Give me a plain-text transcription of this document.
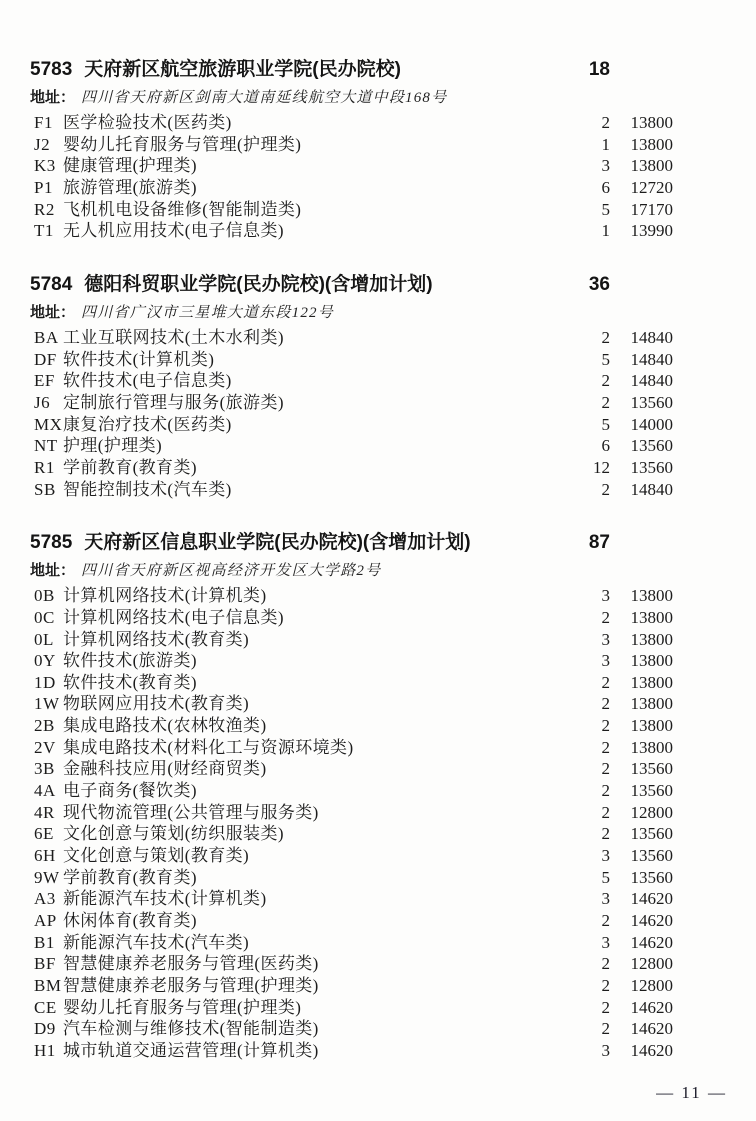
5783 天府新区航空旅游职业学院(民办院校)	18
地址： 四川省天府新区剑南大道南延线航空大道中段168号
F1 医学检验技术(医药类)	2	13800
J2 婴幼儿托育服务与管理(护理类)	1	13800
K3 健康管理(护理类)	3	13800
P1 旅游管理(旅游类)	6	12720
R2 飞机机电设备维修(智能制造类)	5	17170
T1 无人机应用技术(电子信息类)	1	13990
5784 德阳科贸职业学院(民办院校)(含增加计划)	36
地址： 四川省广汉市三星堆大道东段122号
BA 工业互联网技术(土木水利类)	2	14840
DF 软件技术(计算机类)	5	14840
EF 软件技术(电子信息类)	2	14840
J6 定制旅行管理与服务(旅游类)	2	13560
MX 康复治疗技术(医药类)	5	14000
NT 护理(护理类)	6	13560
R1 学前教育(教育类)	12	13560
SB 智能控制技术(汽车类)	2	14840
5785 天府新区信息职业学院(民办院校)(含增加计划)	87
地址： 四川省天府新区视高经济开发区大学路2号
0B 计算机网络技术(计算机类)	3	13800
0C 计算机网络技术(电子信息类)	2	13800
0L 计算机网络技术(教育类)	3	13800
0Y 软件技术(旅游类)	3	13800
1D 软件技术(教育类)	2	13800
1W 物联网应用技术(教育类)	2	13800
2B 集成电路技术(农林牧渔类)	2	13800
2V 集成电路技术(材料化工与资源环境类)	2	13800
3B 金融科技应用(财经商贸类)	2	13560
4A 电子商务(餐饮类)	2	13560
4R 现代物流管理(公共管理与服务类)	2	12800
6E 文化创意与策划(纺织服装类)	2	13560
6H 文化创意与策划(教育类)	3	13560
9W 学前教育(教育类)	5	13560
A3 新能源汽车技术(计算机类)	3	14620
AP 休闲体育(教育类)	2	14620
B1 新能源汽车技术(汽车类)	3	14620
BF 智慧健康养老服务与管理(医药类)	2	12800
BM 智慧健康养老服务与管理(护理类)	2	12800
CE 婴幼儿托育服务与管理(护理类)	2	14620
D9 汽车检测与维修技术(智能制造类)	2	14620
H1 城市轨道交通运营管理(计算机类)	3	14620
— 11 —
